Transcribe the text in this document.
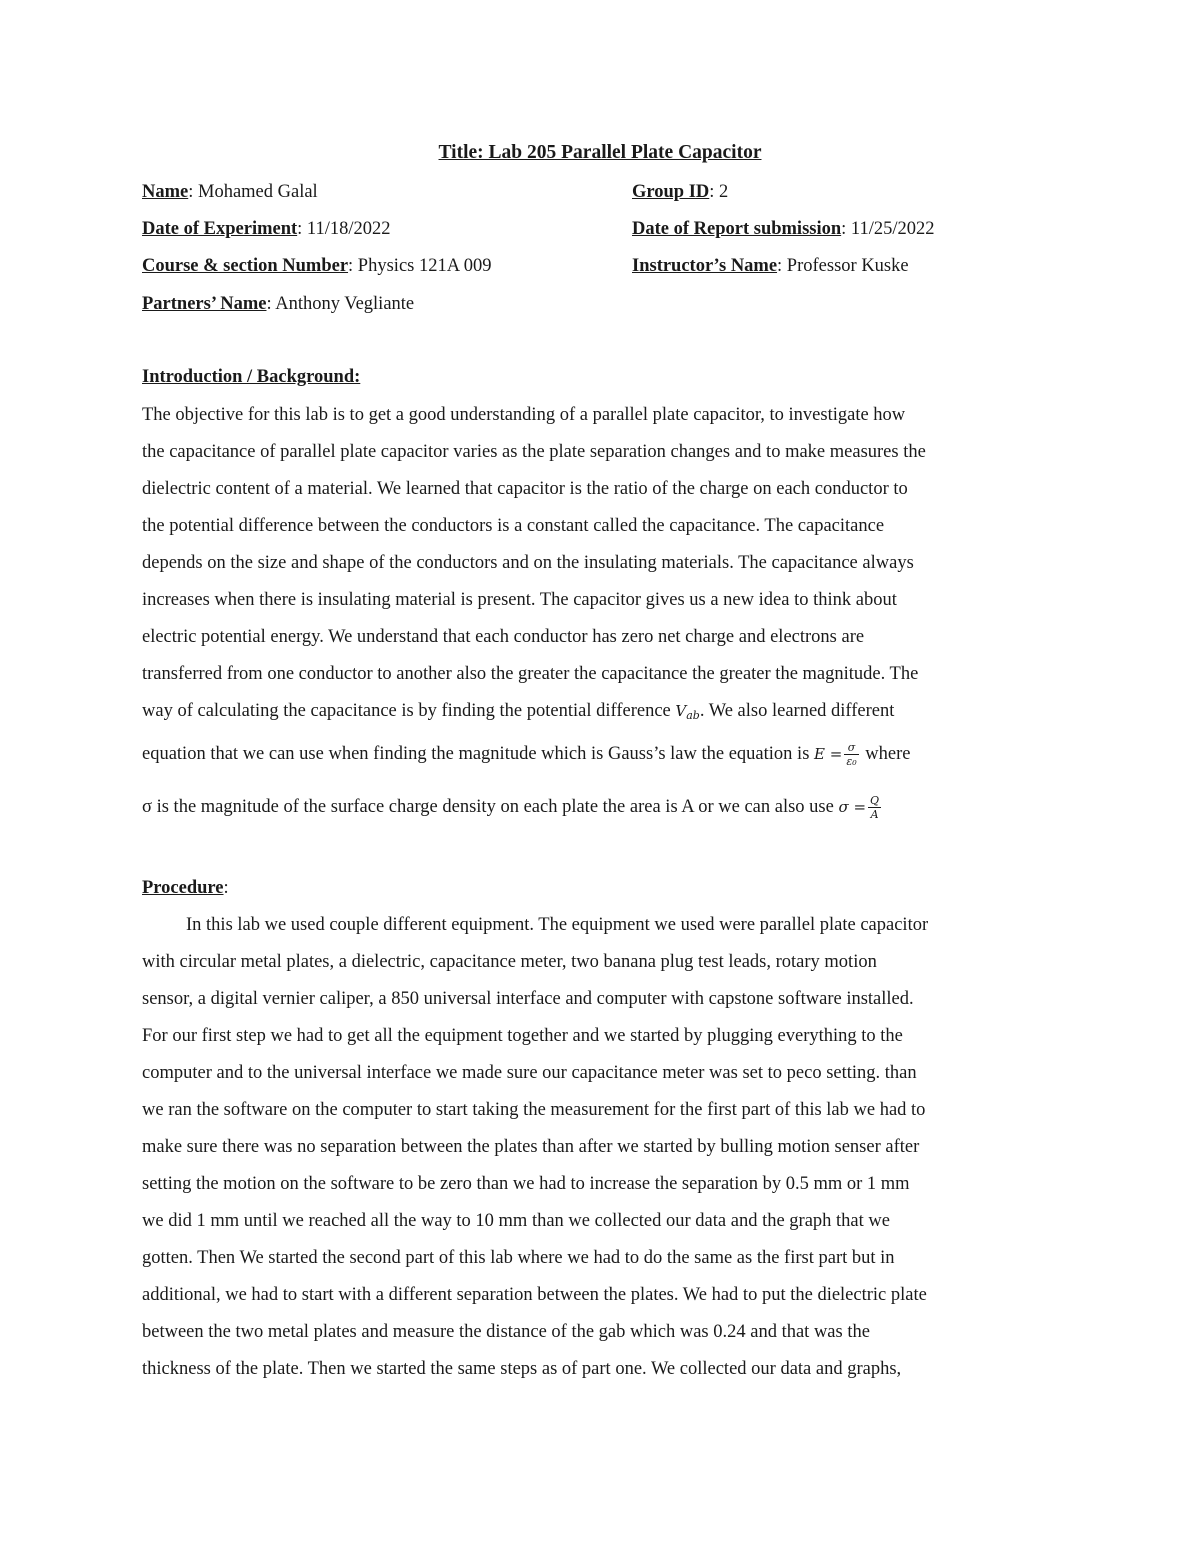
Title: Lab 205 Parallel Plate Capacitor
Name: Mohamed Galal	Group ID: 2
Date of Experiment: 11/18/2022	Date of Report submission: 11/25/2022
Course & section Number: Physics 121A 009	Instructor’s Name: Professor Kuske
Partners’ Name: Anthony Vegliante
Introduction / Background:
The objective for this lab is to get a good understanding of a parallel plate capacitor, to investigate how
the capacitance of parallel plate capacitor varies as the plate separation changes and to make measures the
dielectric content of a material. We learned that capacitor is the ratio of the charge on each conductor to
the potential difference between the conductors is a constant called the capacitance. The capacitance
depends on the size and shape of the conductors and on the insulating materials. The capacitance always
increases when there is insulating material is present. The capacitor gives us a new idea to think about
electric potential energy. We understand that each conductor has zero net charge and electrons are
transferred from one conductor to another also the greater the capacitance the greater the magnitude. The
way of calculating the capacitance is by finding the potential difference $V_{ab}$. We also learned different
equation that we can use when finding the magnitude which is Gauss’s law the equation is $E = \frac{\sigma}{\text{ε₀}}$ where
σ is the magnitude of the surface charge density on each plate the area is A or we can also use $\sigma = \frac{Q}{A}$
Procedure:
In this lab we used couple different equipment. The equipment we used were parallel plate capacitor
with circular metal plates, a dielectric, capacitance meter, two banana plug test leads, rotary motion
sensor, a digital vernier caliper, a 850 universal interface and computer with capstone software installed.
For our first step we had to get all the equipment together and we started by plugging everything to the
computer and to the universal interface we made sure our capacitance meter was set to peco setting. than
we ran the software on the computer to start taking the measurement for the first part of this lab we had to
make sure there was no separation between the plates than after we started by bulling motion senser after
setting the motion on the software to be zero than we had to increase the separation by 0.5 mm or 1 mm
we did 1 mm until we reached all the way to 10 mm than we collected our data and the graph that we
gotten. Then We started the second part of this lab where we had to do the same as the first part but in
additional, we had to start with a different separation between the plates. We had to put the dielectric plate
between the two metal plates and measure the distance of the gab which was 0.24 and that was the
thickness of the plate. Then we started the same steps as of part one. We collected our data and graphs,
